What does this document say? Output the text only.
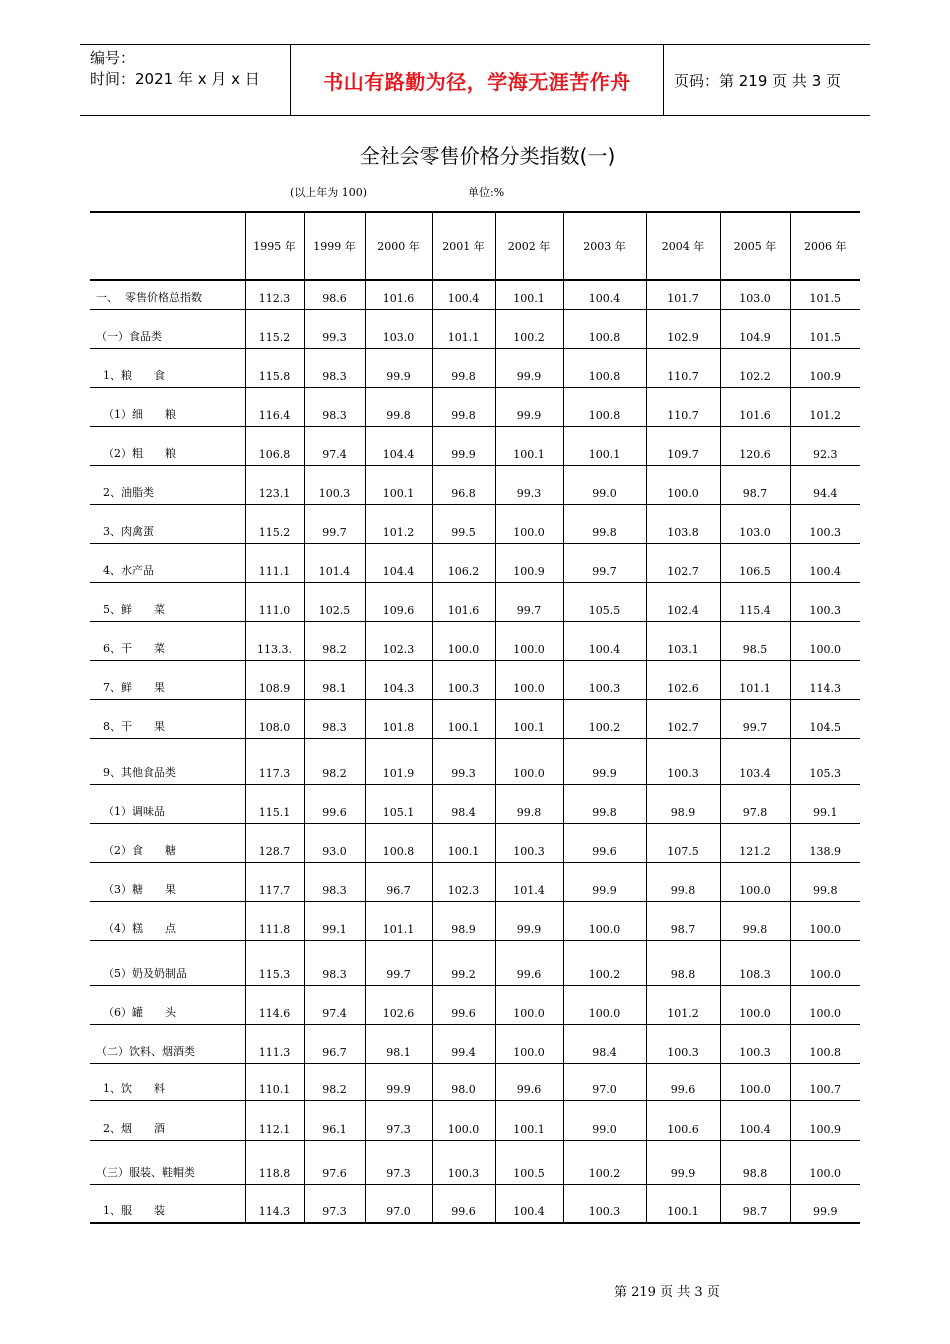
编号：
时间：2021 年 x 月 x 日	书山有路勤为径，学海无涯苦作舟	页码：第 219 页 共 3 页
全社会零售价格分类指数(一)
(以上年为 100)	单位:%
	1995 年	1999 年	2000 年	2001 年	2002 年	2003 年	2004 年	2005 年	2006 年
一、  零售价格总指数	112.3	98.6	101.6	100.4	100.1	100.4	101.7	103.0	101.5
（一）食品类	115.2	99.3	103.0	101.1	100.2	100.8	102.9	104.9	101.5
1、粮　　食	115.8	98.3	99.9	99.8	99.9	100.8	110.7	102.2	100.9
（1）细　　粮	116.4	98.3	99.8	99.8	99.9	100.8	110.7	101.6	101.2
（2）粗　　粮	106.8	97.4	104.4	99.9	100.1	100.1	109.7	120.6	92.3
2、油脂类	123.1	100.3	100.1	96.8	99.3	99.0	100.0	98.7	94.4
3、肉禽蛋	115.2	99.7	101.2	99.5	100.0	99.8	103.8	103.0	100.3
4、水产品	111.1	101.4	104.4	106.2	100.9	99.7	102.7	106.5	100.4
5、鲜　　菜	111.0	102.5	109.6	101.6	99.7	105.5	102.4	115.4	100.3
6、干　　菜	113.3.	98.2	102.3	100.0	100.0	100.4	103.1	98.5	100.0
7、鲜　　果	108.9	98.1	104.3	100.3	100.0	100.3	102.6	101.1	114.3
8、干　　果	108.0	98.3	101.8	100.1	100.1	100.2	102.7	99.7	104.5
9、其他食品类	117.3	98.2	101.9	99.3	100.0	99.9	100.3	103.4	105.3
（1）调味品	115.1	99.6	105.1	98.4	99.8	99.8	98.9	97.8	99.1
（2）食　　糖	128.7	93.0	100.8	100.1	100.3	99.6	107.5	121.2	138.9
（3）糖　　果	117.7	98.3	96.7	102.3	101.4	99.9	99.8	100.0	99.8
（4）糕　　点	111.8	99.1	101.1	98.9	99.9	100.0	98.7	99.8	100.0
（5）奶及奶制品	115.3	98.3	99.7	99.2	99.6	100.2	98.8	108.3	100.0
（6）罐　　头	114.6	97.4	102.6	99.6	100.0	100.0	101.2	100.0	100.0
（二）饮料、烟酒类	111.3	96.7	98.1	99.4	100.0	98.4	100.3	100.3	100.8
1、饮　　料	110.1	98.2	99.9	98.0	99.6	97.0	99.6	100.0	100.7
2、烟　　酒	112.1	96.1	97.3	100.0	100.1	99.0	100.6	100.4	100.9
（三）服装、鞋帽类	118.8	97.6	97.3	100.3	100.5	100.2	99.9	98.8	100.0
1、服　　装	114.3	97.3	97.0	99.6	100.4	100.3	100.1	98.7	99.9
第 219 页 共 3 页
